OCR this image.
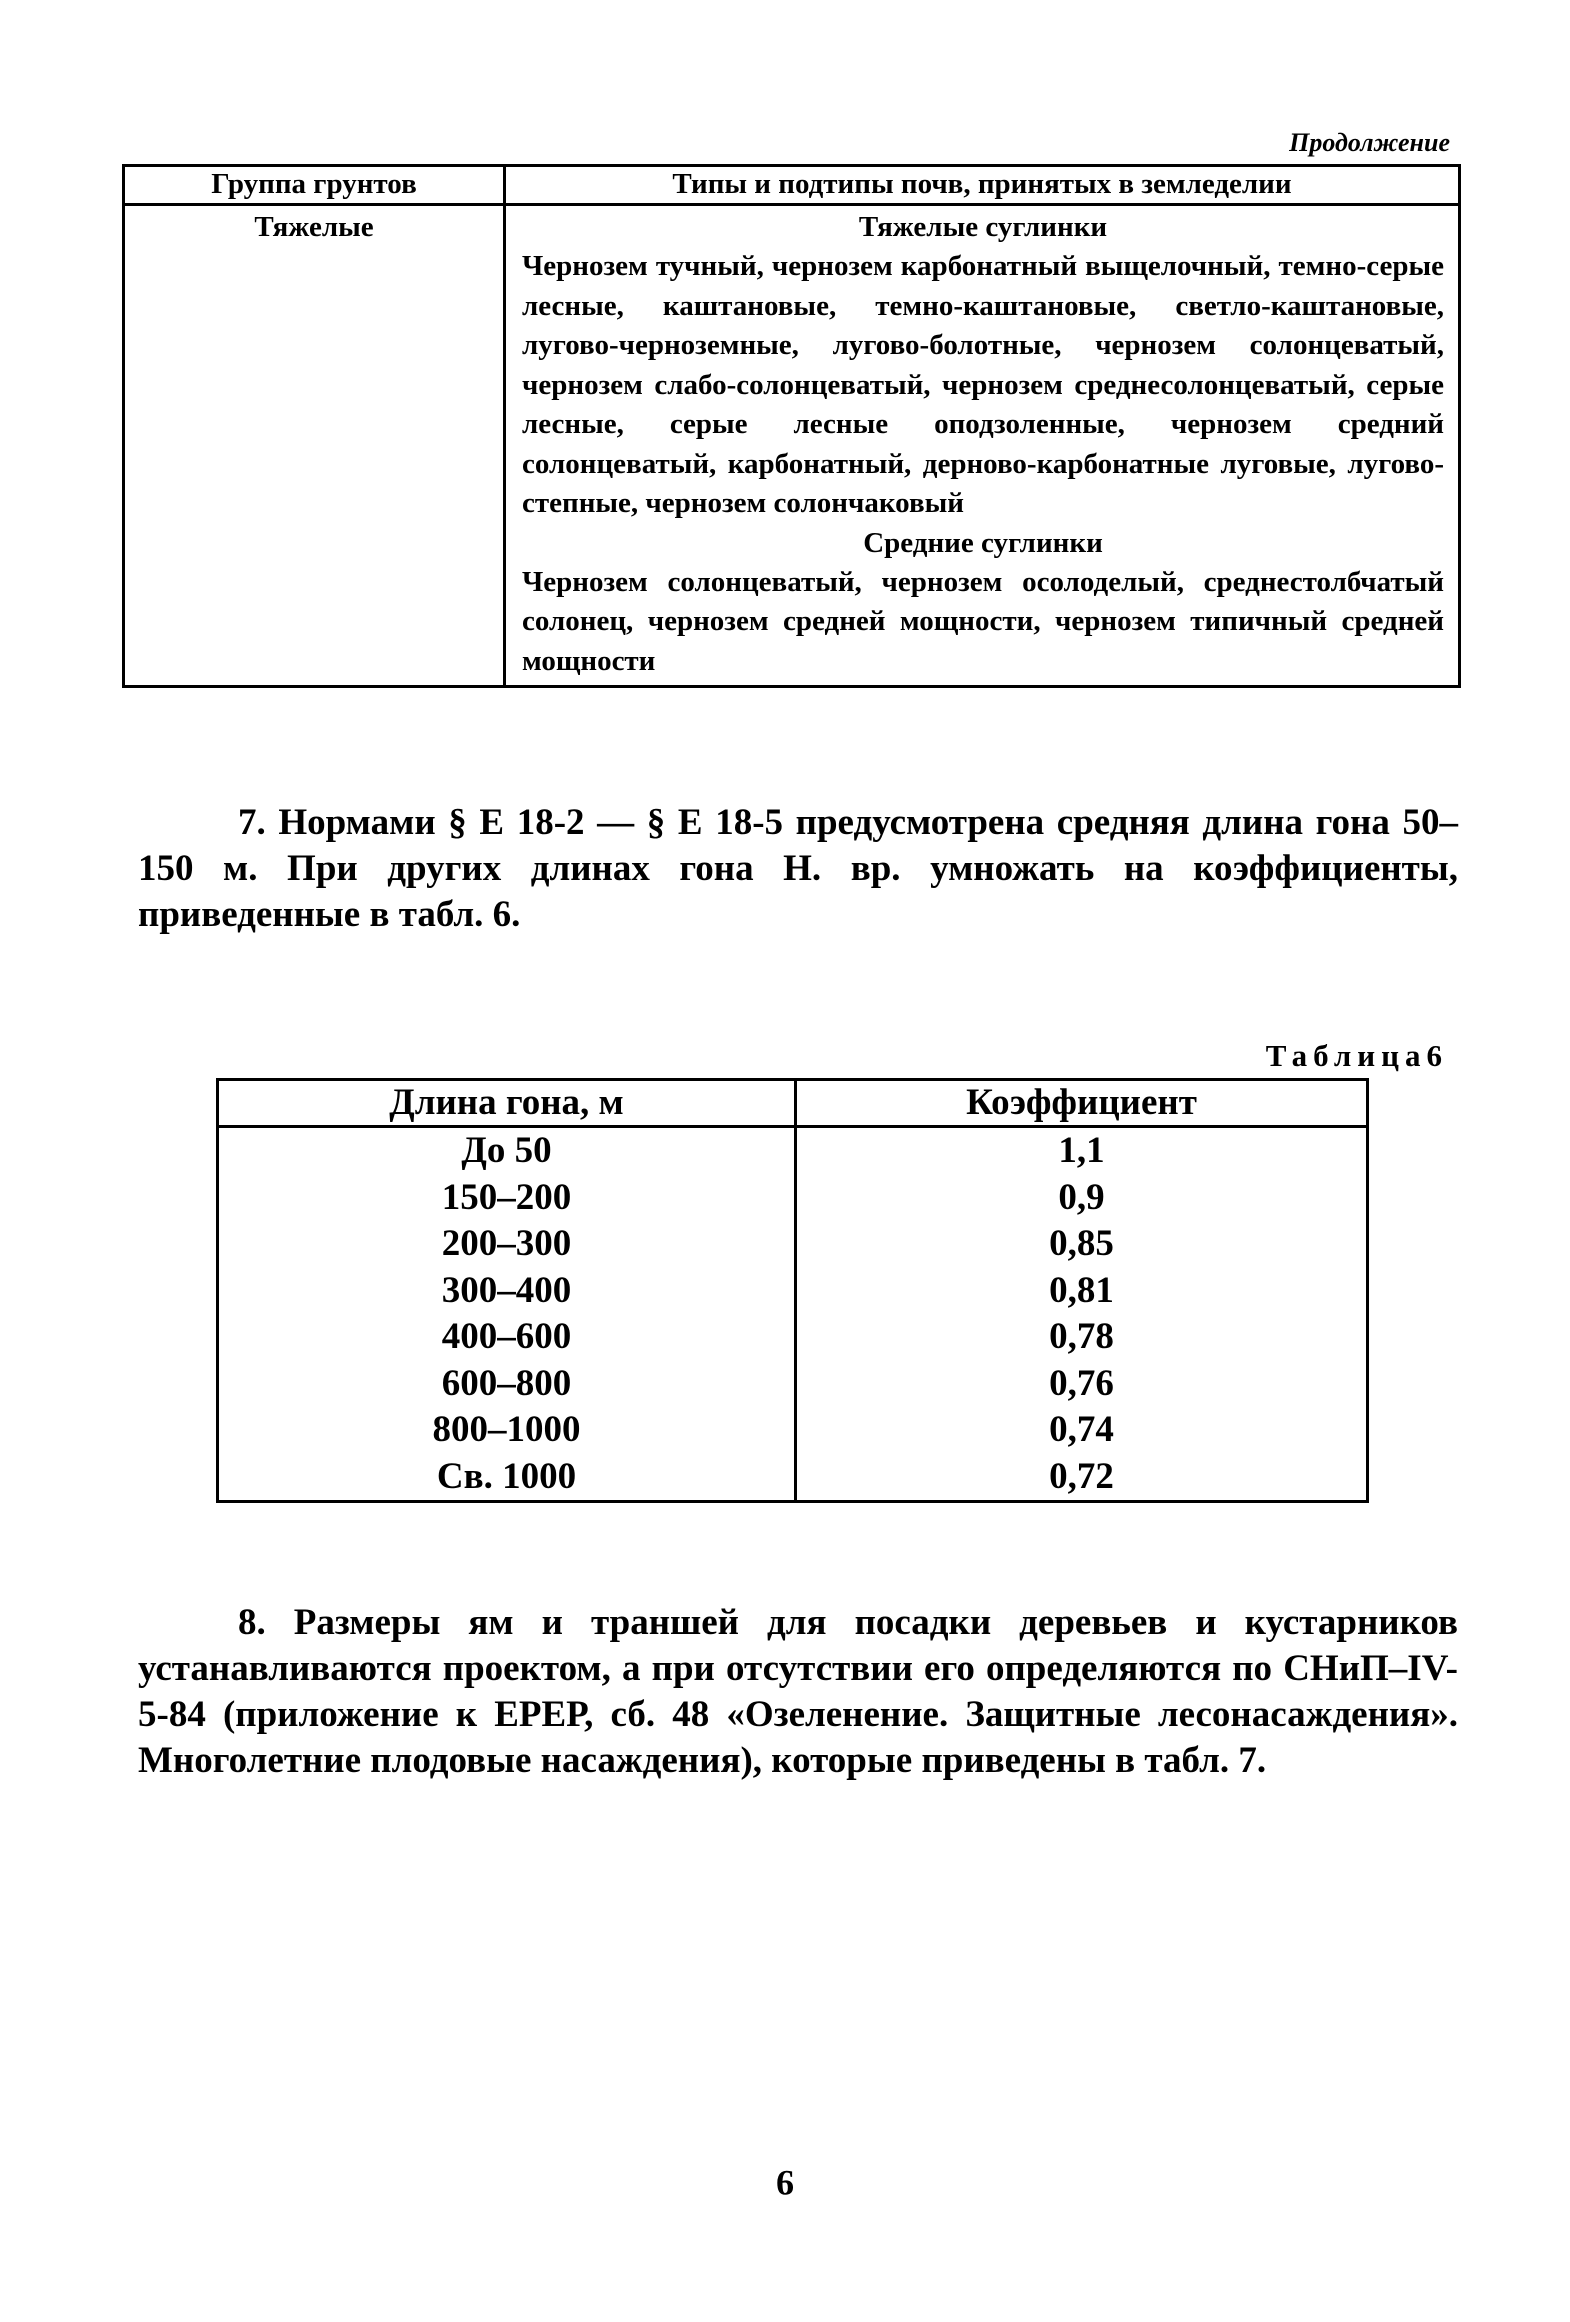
Продолжение
Группа грунтов	Типы и подтипы почв, принятых в земледелии
Тяжелые	Тяжелые суглинки

Чернозем тучный, чернозем карбонатный выщелочный, темно-серые лесные, каштановые, темно-каштановые, светло-каштановые, лугово-черноземные, лугово-болотные, чернозем солонцеватый, чернозем слабо-солонцеватый, чернозем среднесолонцеватый, серые лесные, серые лесные оподзоленные, чернозем средний солонцеватый, карбонатный, дерново-карбонатные луговые, лугово-степные, чернозем солончаковый

Средние суглинки

Чернозем солонцеватый, чернозем осолоделый, среднестолбчатый солонец, чернозем средней мощности, чернозем типичный средней мощности

7. Нормами § Е 18-2 — § Е 18-5 предусмотрена средняя длина гона 50–150 м. При других длинах гона Н. вр. умножать на коэффициенты, приведенные в табл. 6.

Таблица6
Длина гона, м	Коэффициент
До 50	1,1
150–200	0,9
200–300	0,85
300–400	0,81
400–600	0,78
600–800	0,76
800–1000	0,74
Св. 1000	0,72

8. Размеры ям и траншей для посадки деревьев и кустарников устанавливаются проектом, а при отсутствии его определяются по СНиП–IV-5-84 (приложение к ЕРЕР, сб. 48 «Озеленение. Защитные лесонасаждения». Многолетние плодовые насаждения), которые приведены в табл. 7.

9
